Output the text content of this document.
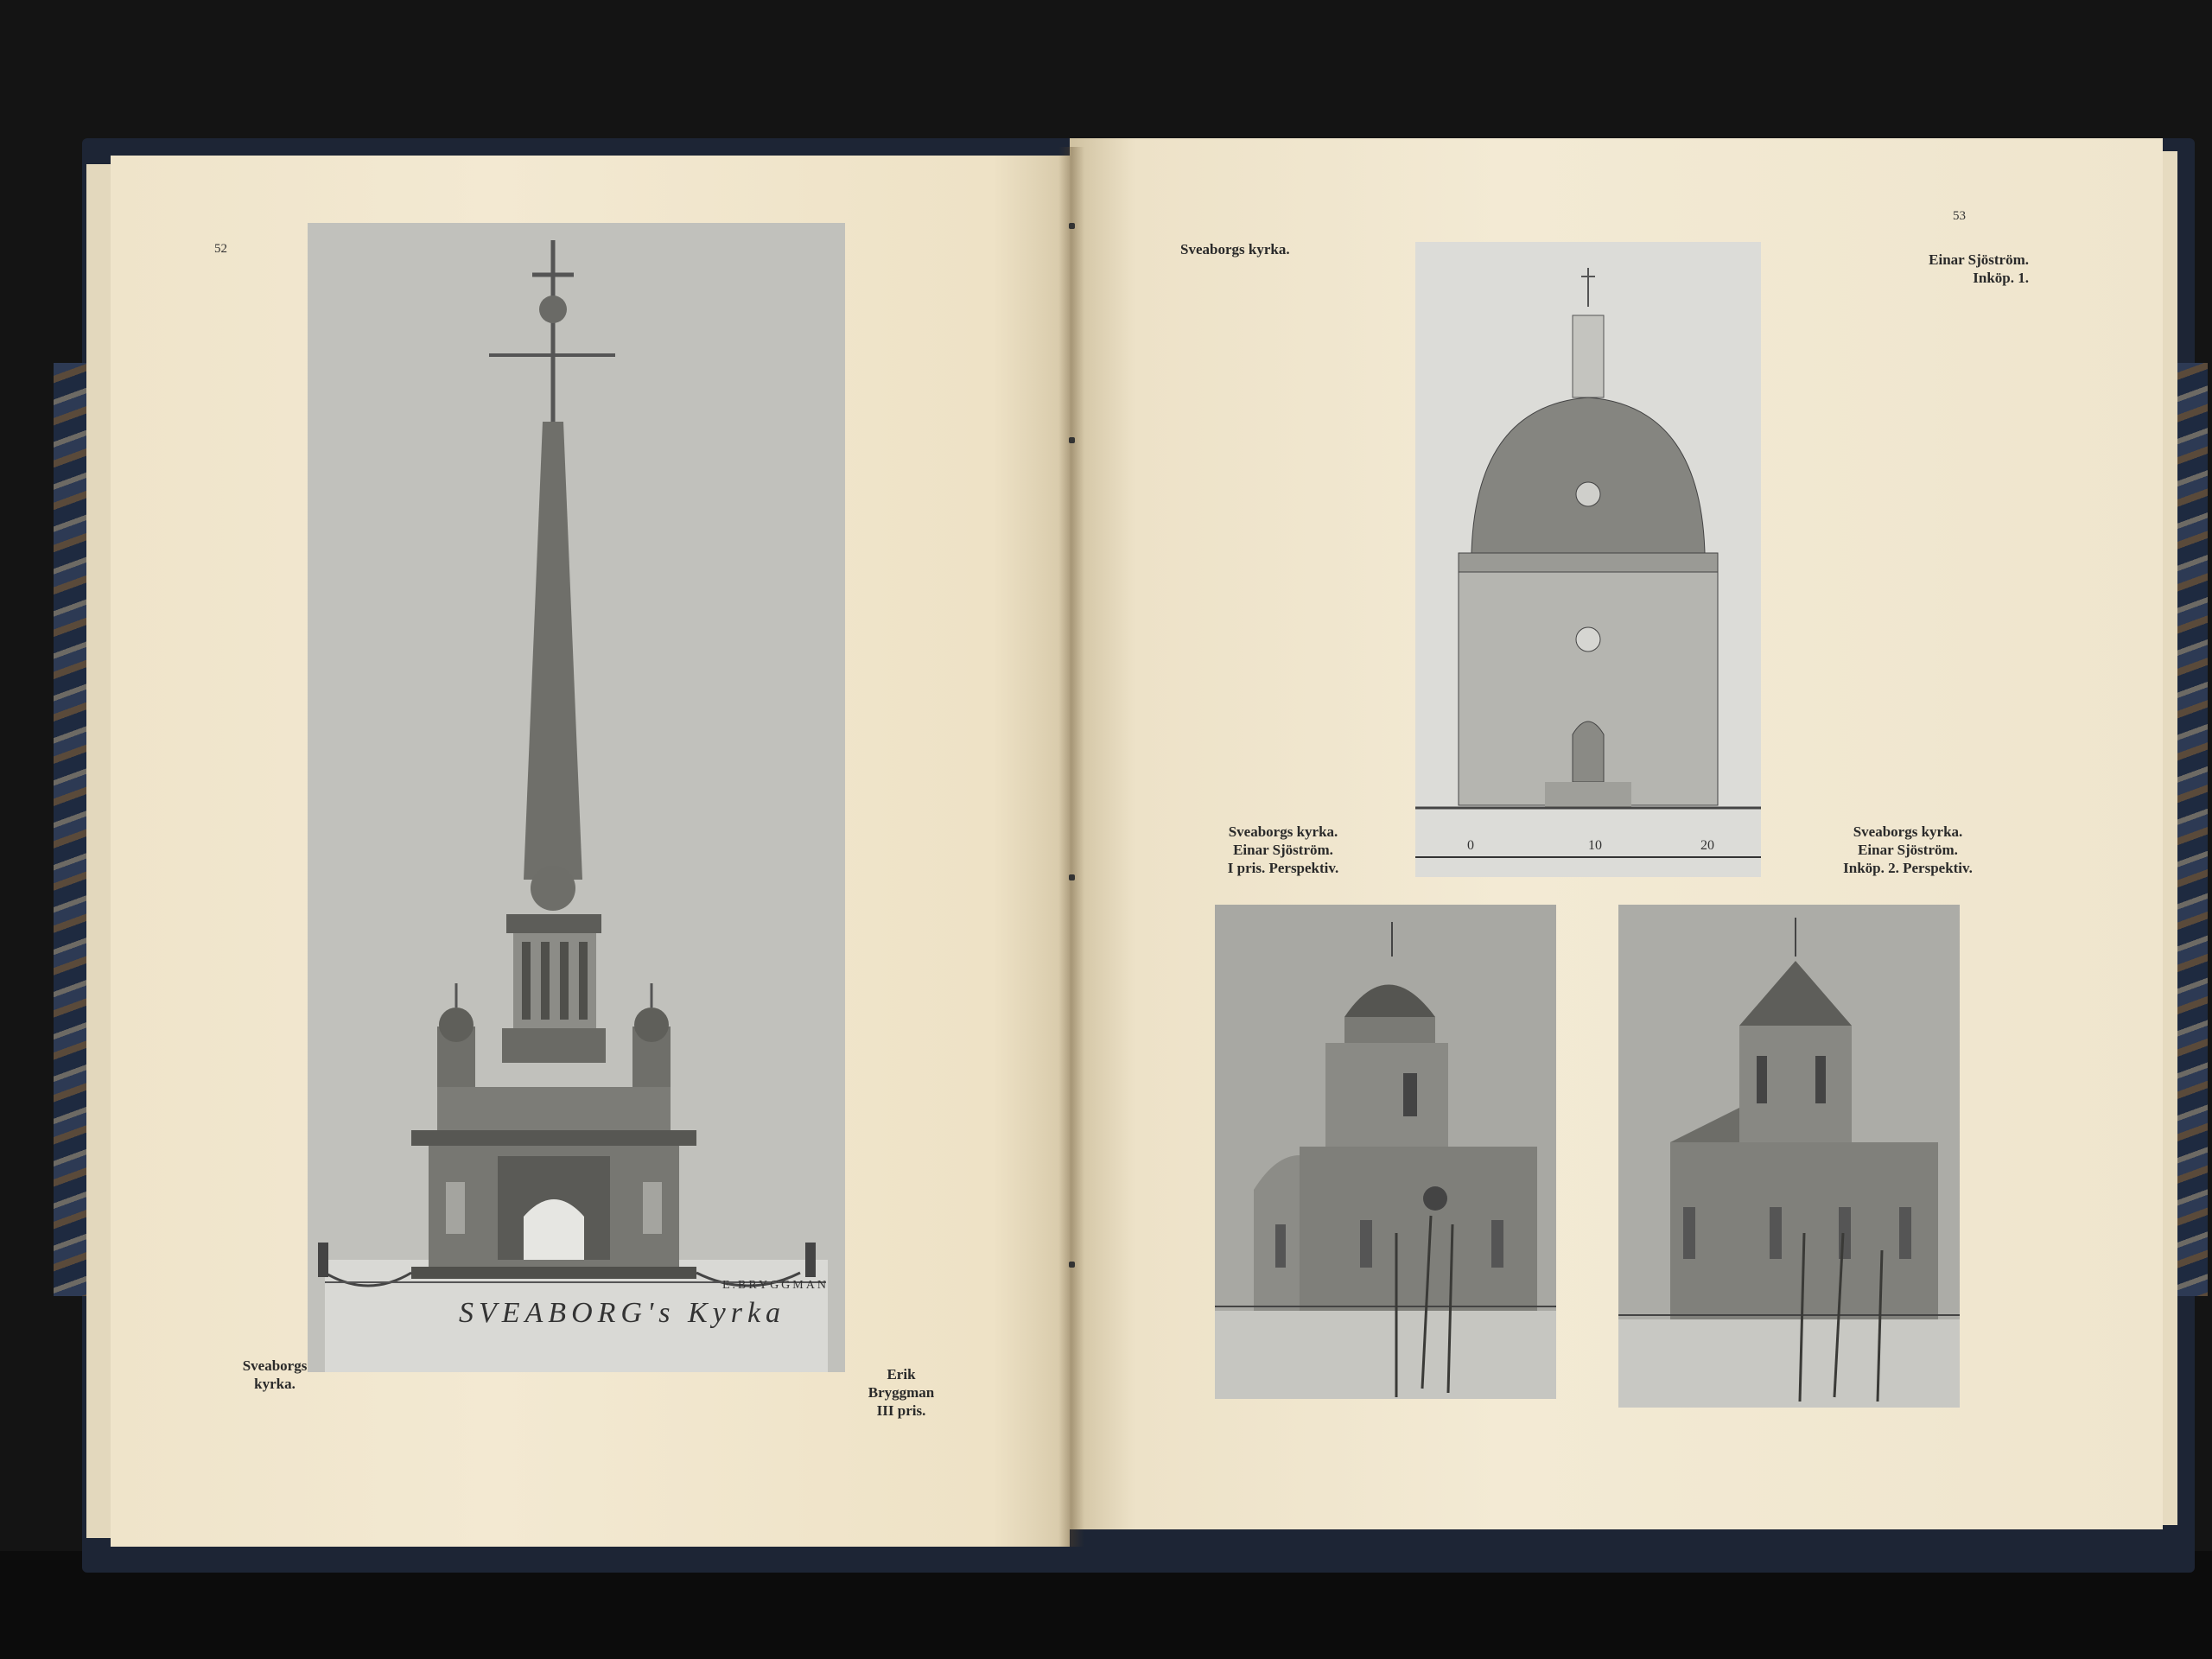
52
SVEABORG's Kyrka
E.BRYGGMAN
Sveaborgs
kyrka.
Erik
Bryggman
III pris.
53
Sveaborgs kyrka.
Einar Sjöström.
Inköp. 1.
0	10	20
Sveaborgs kyrka.
Einar Sjöström.
I pris. Perspektiv.
Sveaborgs kyrka.
Einar Sjöström.
Inköp. 2. Perspektiv.
